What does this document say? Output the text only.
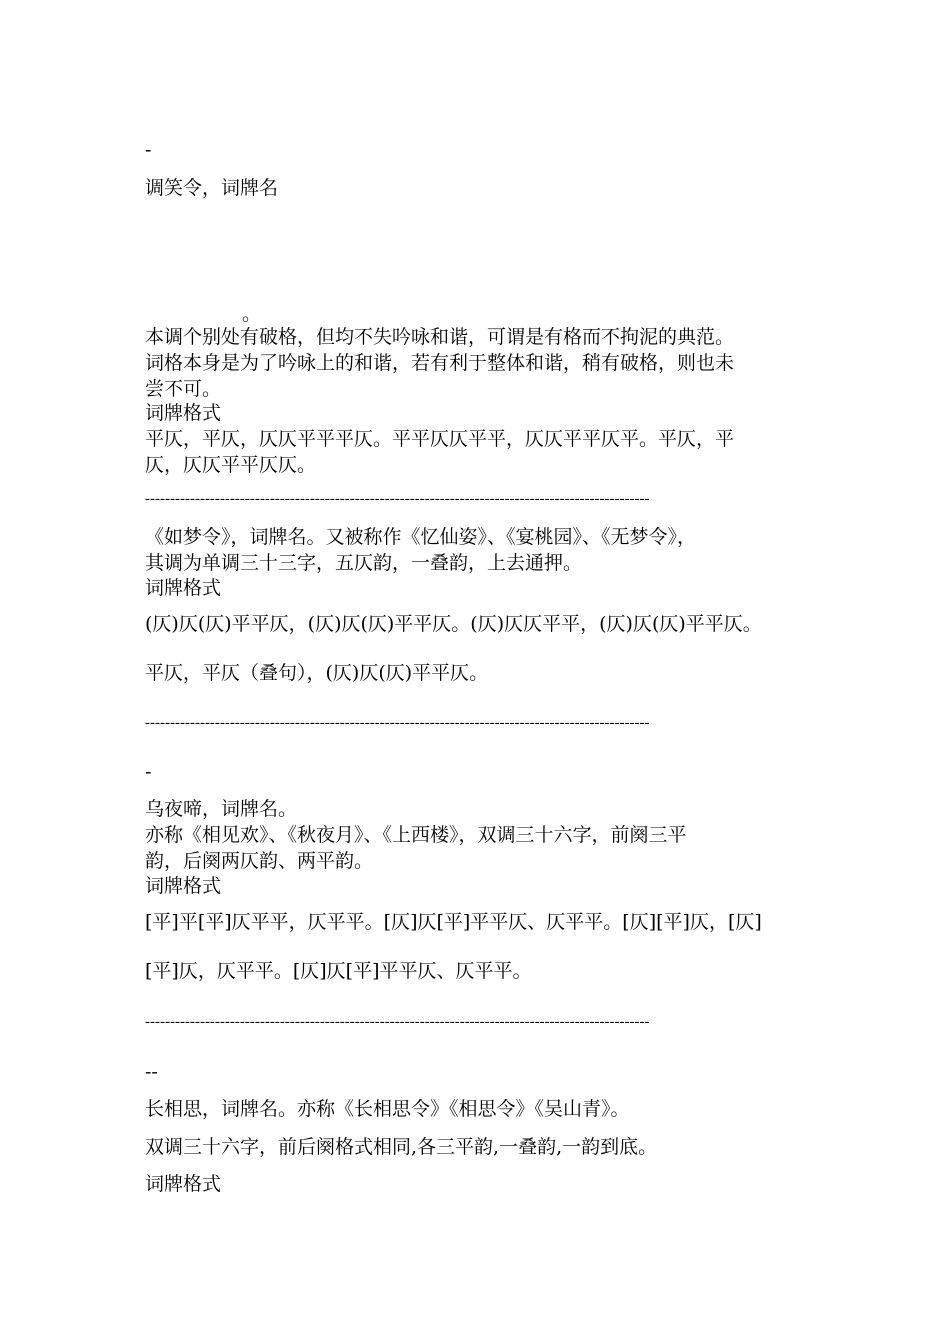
-
调笑令，词牌名
。
本调个别处有破格，但均不失吟咏和谐，可谓是有格而不拘泥的典范。
词格本身是为了吟咏上的和谐，若有利于整体和谐，稍有破格，则也未
尝不可。
词牌格式
平仄，平仄，仄仄平平平仄。平平仄仄平平，仄仄平平仄平。平仄，平
仄，仄仄平平仄仄。
-----------------------------------------------------------------------------------------------------
《如梦令》，词牌名。又被称作《忆仙姿》、《宴桃园》、《无梦令》，
其调为单调三十三字，五仄韵，一叠韵，上去通押。
词牌格式
(仄)仄(仄)平平仄，(仄)仄(仄)平平仄。(仄)仄仄平平，(仄)仄(仄)平平仄。
平仄，平仄（叠句），(仄)仄(仄)平平仄。
-----------------------------------------------------------------------------------------------------
-
乌夜啼，词牌名。
亦称《相见欢》、《秋夜月》、《上西楼》，双调三十六字，前阕三平
韵，后阕两仄韵、两平韵。
词牌格式
[平]平[平]仄平平，仄平平。[仄]仄[平]平平仄、仄平平。[仄][平]仄，[仄]
[平]仄，仄平平。[仄]仄[平]平平仄、仄平平。
-----------------------------------------------------------------------------------------------------
--
长相思，词牌名。亦称《长相思令》《相思令》《吴山青》。
双调三十六字，前后阕格式相同,各三平韵,一叠韵,一韵到底。
词牌格式
